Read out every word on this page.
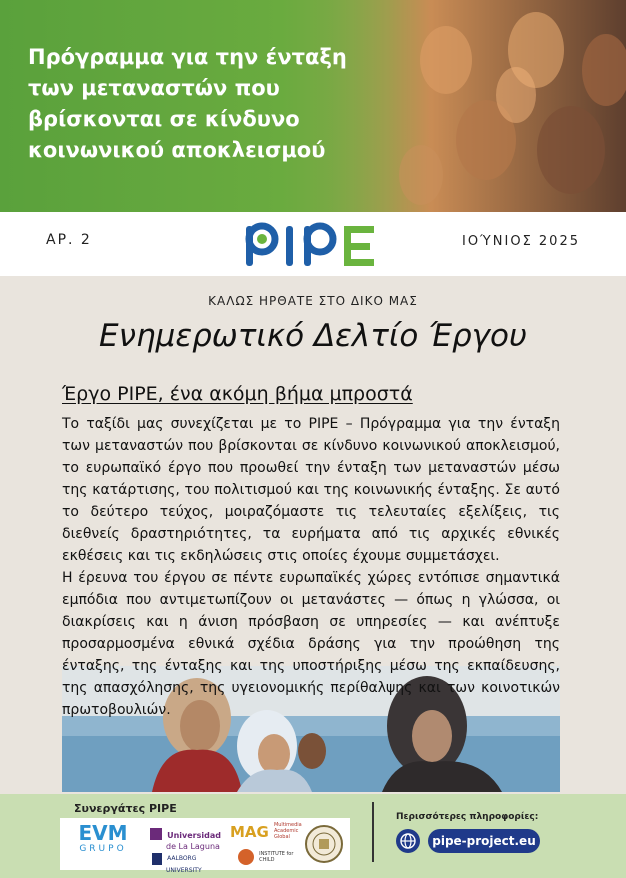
Πρόγραμμα για την ένταξη των μεταναστών που βρίσκονται σε κίνδυνο κοινωνικού αποκλεισμού
ΑΡ. 2	ΙΟΎΝΙΟΣ 2025
ΚΑΛΩΣ ΗΡΘΑΤΕ ΣΤΟ ΔΙΚΟ ΜΑΣ
Ενημερωτικό Δελτίο Έργου
Έργο PIPE, ένα ακόμη βήμα μπροστά

Το ταξίδι μας συνεχίζεται με το PIPE – Πρόγραμμα για την ένταξη των μεταναστών που βρίσκονται σε κίνδυνο κοινωνικού αποκλεισμού, το ευρωπαϊκό έργο που προωθεί την ένταξη των μεταναστών μέσω της κατάρτισης, του πολιτισμού και της κοινωνικής ένταξης. Σε αυτό το δεύτερο τεύχος, μοιραζόμαστε τις τελευταίες εξελίξεις, τις διεθνείς δραστηριότητες, τα ευρήματα από τις αρχικές εθνικές εκθέσεις και τις εκδηλώσεις στις οποίες έχουμε συμμετάσχει.

Η έρευνα του έργου σε πέντε ευρωπαϊκές χώρες εντόπισε σημαντικά εμπόδια που αντιμετωπίζουν οι μετανάστες — όπως η γλώσσα, οι διακρίσεις και η άνιση πρόσβαση σε υπηρεσίες — και ανέπτυξε προσαρμοσμένα εθνικά σχέδια δράσης για την προώθηση της ένταξης, της ένταξης και της υποστήριξης μέσω της εκπαίδευσης, της απασχόλησης, της υγειονομικής περίθαλψης και των κοινοτικών πρωτοβουλιών.

Συνεργάτες PIPE
EVM
GRUPO
Universidad
de La Laguna
AALBORG
UNIVERSITY
MAG Multimedia Academic Global
INSTITUTE for CHILD
Περισσότερες πληροφορίες:
pipe-project.eu
